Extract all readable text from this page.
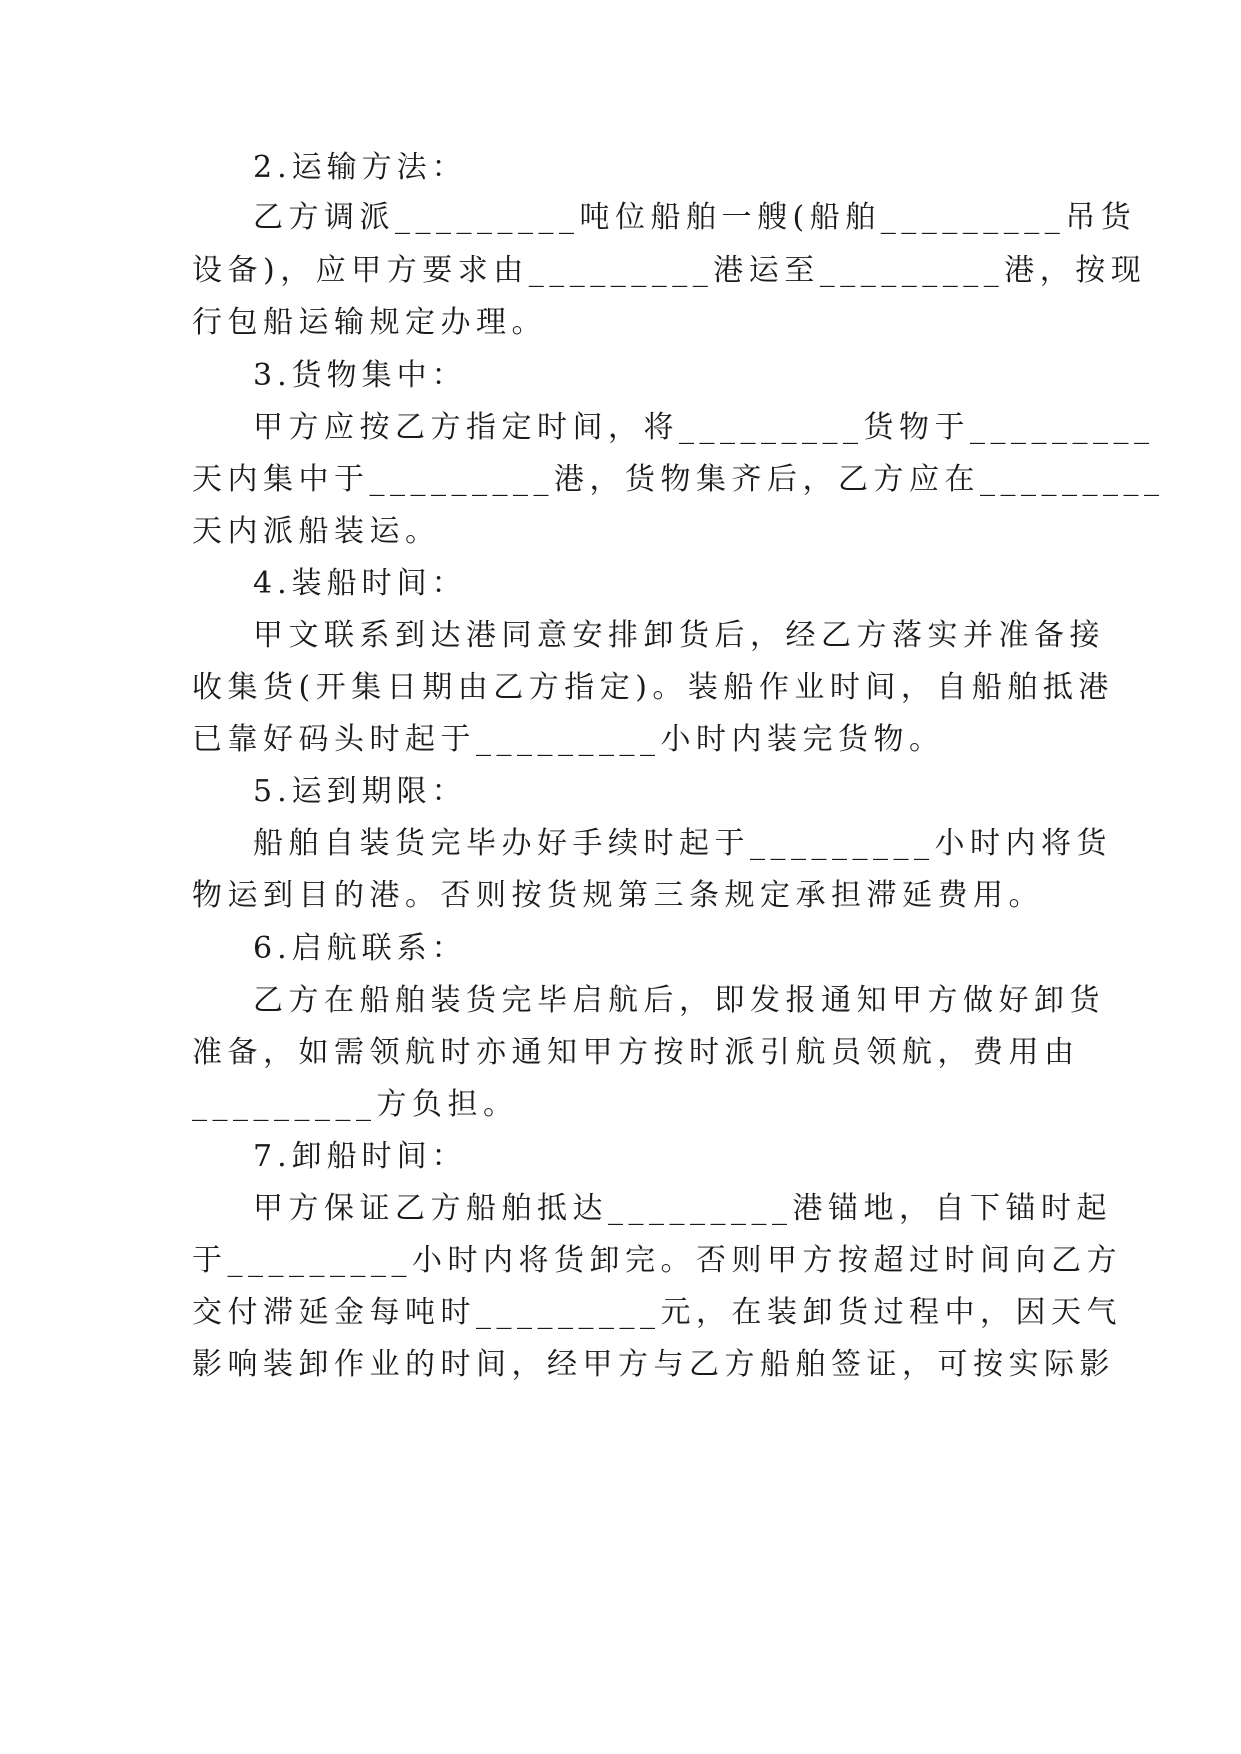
2.运输方法：
乙方调派_________吨位船舶一艘(船舶_________吊货
设备)，应甲方要求由_________港运至_________港，按现
行包船运输规定办理。
3.货物集中：
甲方应按乙方指定时间，将_________货物于_________
天内集中于_________港，货物集齐后，乙方应在_________
天内派船装运。
4.装船时间：
甲文联系到达港同意安排卸货后，经乙方落实并准备接
收集货(开集日期由乙方指定)。装船作业时间，自船舶抵港
已靠好码头时起于_________小时内装完货物。
5.运到期限：
船舶自装货完毕办好手续时起于_________小时内将货
物运到目的港。否则按货规第三条规定承担滞延费用。
6.启航联系：
乙方在船舶装货完毕启航后，即发报通知甲方做好卸货
准备，如需领航时亦通知甲方按时派引航员领航，费用由
_________方负担。
7.卸船时间：
甲方保证乙方船舶抵达_________港锚地，自下锚时起
于_________小时内将货卸完。否则甲方按超过时间向乙方
交付滞延金每吨时_________元，在装卸货过程中，因天气
影响装卸作业的时间，经甲方与乙方船舶签证，可按实际影
